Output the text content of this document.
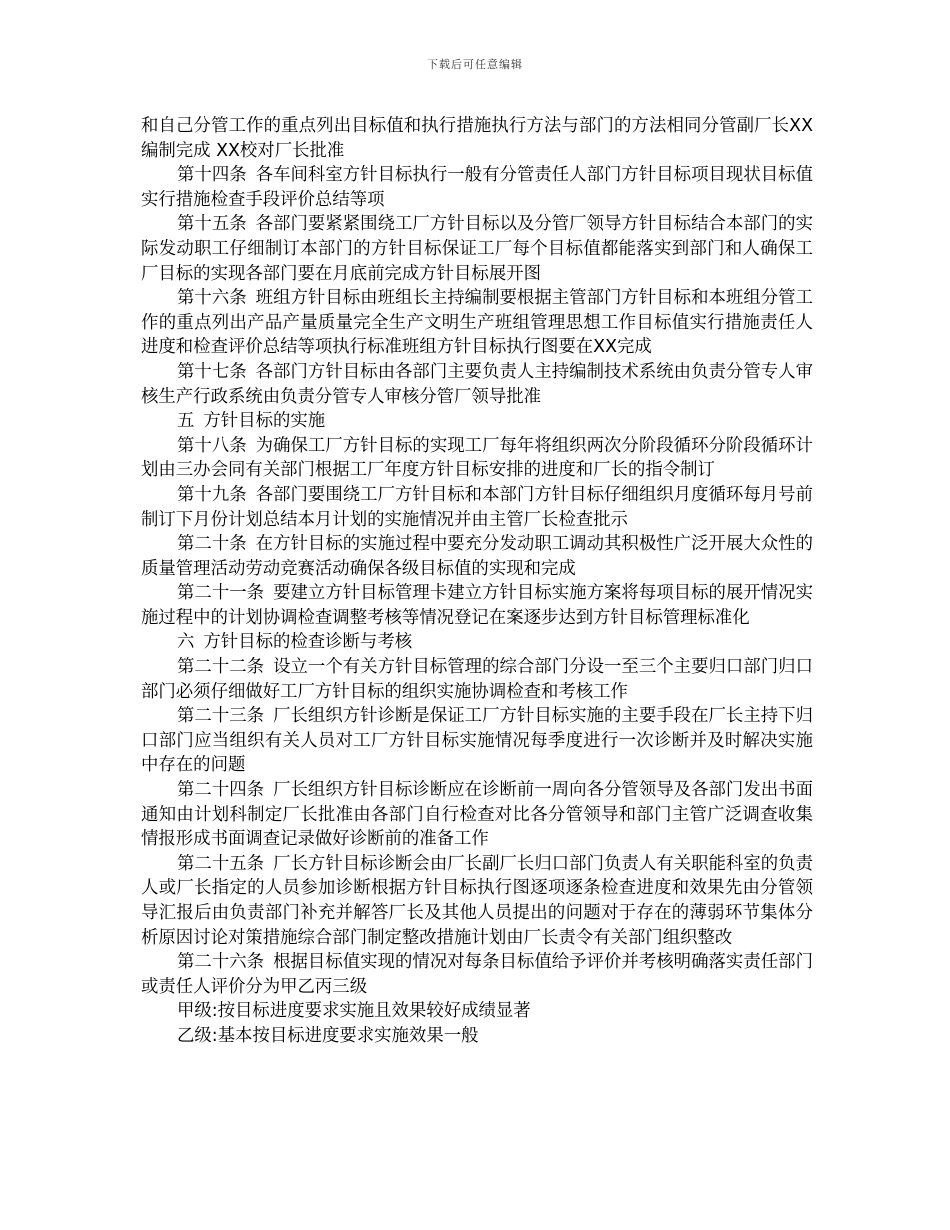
下载后可任意编辑

和自己分管工作的重点列出目标值和执行措施执行方法与部门的方法相同分管副厂长XX编制完成 XX校对厂长批准

第十四条 各车间科室方针目标执行一般有分管责任人部门方针目标项目现状目标值实行措施检查手段评价总结等项

第十五条 各部门要紧紧围绕工厂方针目标以及分管厂领导方针目标结合本部门的实际发动职工仔细制订本部门的方针目标保证工厂每个目标值都能落实到部门和人确保工厂目标的实现各部门要在月底前完成方针目标展开图

第十六条 班组方针目标由班组长主持编制要根据主管部门方针目标和本班组分管工作的重点列出产品产量质量完全生产文明生产班组管理思想工作目标值实行措施责任人进度和检查评价总结等项执行标准班组方针目标执行图要在XX完成

第十七条 各部门方针目标由各部门主要负责人主持编制技术系统由负责分管专人审核生产行政系统由负责分管专人审核分管厂领导批准

五 方针目标的实施

第十八条 为确保工厂方针目标的实现工厂每年将组织两次分阶段循环分阶段循环计划由三办会同有关部门根据工厂年度方针目标安排的进度和厂长的指令制订

第十九条 各部门要围绕工厂方针目标和本部门方针目标仔细组织月度循环每月号前制订下月份计划总结本月计划的实施情况并由主管厂长检查批示

第二十条 在方针目标的实施过程中要充分发动职工调动其积极性广泛开展大众性的质量管理活动劳动竞赛活动确保各级目标值的实现和完成

第二十一条 要建立方针目标管理卡建立方针目标实施方案将每项目标的展开情况实施过程中的计划协调检查调整考核等情况登记在案逐步达到方针目标管理标准化

六 方针目标的检查诊断与考核

第二十二条 设立一个有关方针目标管理的综合部门分设一至三个主要归口部门归口部门必须仔细做好工厂方针目标的组织实施协调检查和考核工作

第二十三条 厂长组织方针诊断是保证工厂方针目标实施的主要手段在厂长主持下归口部门应当组织有关人员对工厂方针目标实施情况每季度进行一次诊断并及时解决实施中存在的问题

第二十四条 厂长组织方针目标诊断应在诊断前一周向各分管领导及各部门发出书面通知由计划科制定厂长批准由各部门自行检查对比各分管领导和部门主管广泛调查收集情报形成书面调查记录做好诊断前的准备工作

第二十五条 厂长方针目标诊断会由厂长副厂长归口部门负责人有关职能科室的负责人或厂长指定的人员参加诊断根据方针目标执行图逐项逐条检查进度和效果先由分管领导汇报后由负责部门补充并解答厂长及其他人员提出的问题对于存在的薄弱环节集体分析原因讨论对策措施综合部门制定整改措施计划由厂长责令有关部门组织整改

第二十六条 根据目标值实现的情况对每条目标值给予评价并考核明确落实责任部门或责任人评价分为甲乙丙三级

甲级:按目标进度要求实施且效果较好成绩显著

乙级:基本按目标进度要求实施效果一般
